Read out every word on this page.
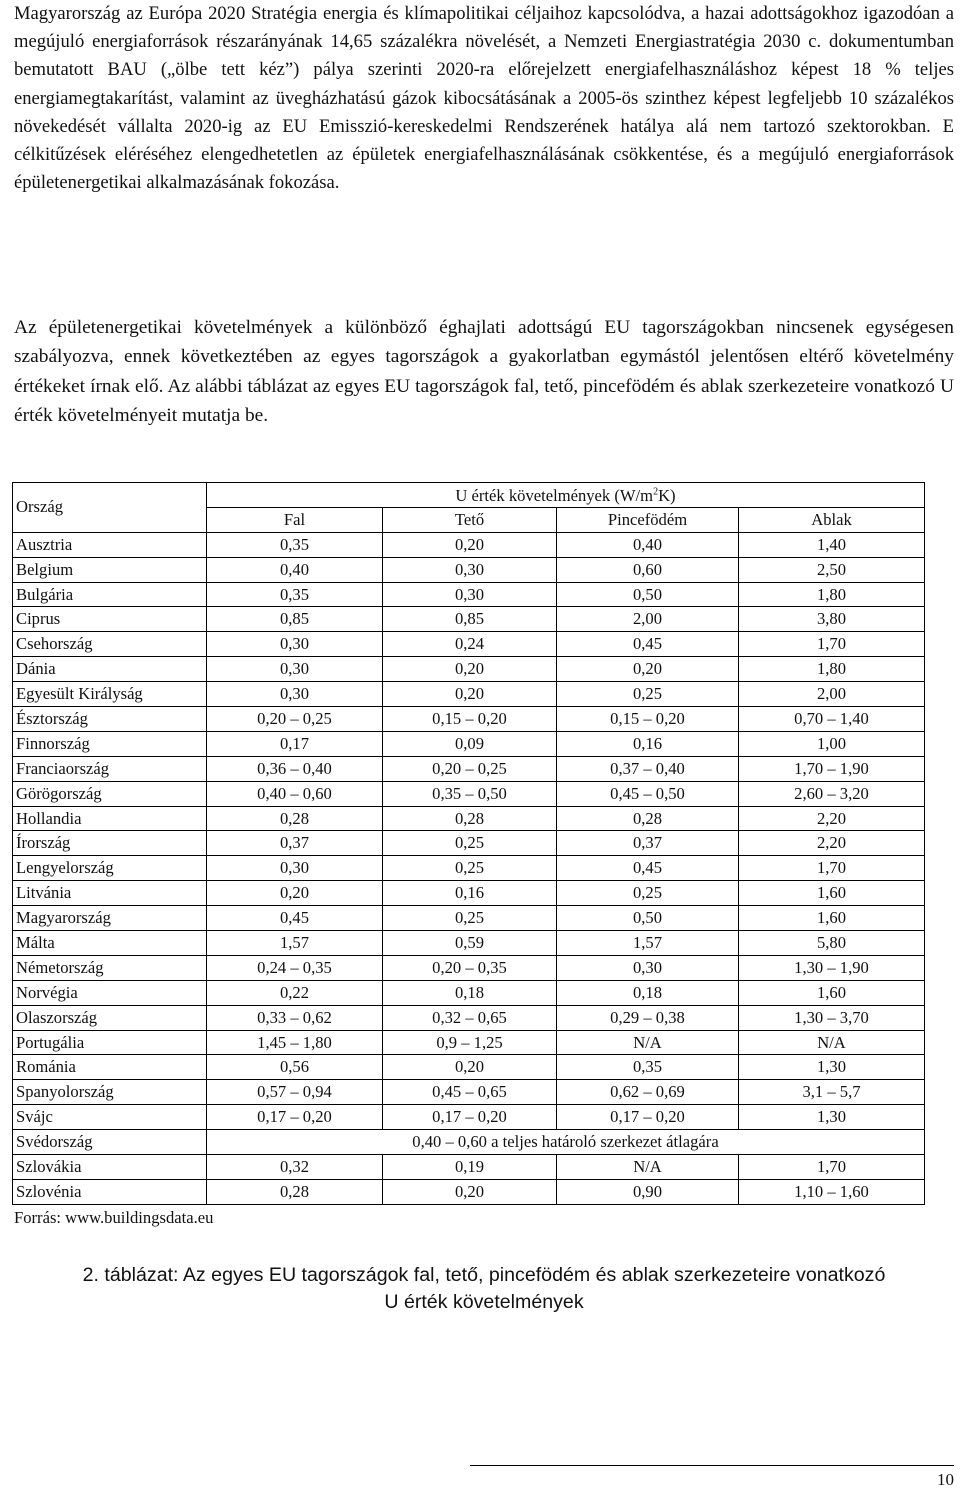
Magyarország az Európa 2020 Stratégia energia és klímapolitikai céljaihoz kapcsolódva, a hazai adottságokhoz igazodóan a megújuló energiaforrások részarányának 14,65 százalékra növelését, a Nemzeti Energiastratégia 2030 c. dokumentumban bemutatott BAU („ölbe tett kéz”) pálya szerinti 2020-ra előrejelzett energiafelhasználáshoz képest 18 % teljes energiamegtakarítást, valamint az üvegházhatású gázok kibocsátásának a 2005-ös szinthez képest legfeljebb 10 százalékos növekedését vállalta 2020-ig az EU Emisszió-kereskedelmi Rendszerének hatálya alá nem tartozó szektorokban. E célkitűzések eléréséhez elengedhetetlen az épületek energiafelhasználásának csökkentése, és a megújuló energiaforrások épületenergetikai alkalmazásának fokozása.

Az épületenergetikai követelmények a különböző éghajlati adottságú EU tagországokban nincsenek egységesen szabályozva, ennek következtében az egyes tagországok a gyakorlatban egymástól jelentősen eltérő követelmény értékeket írnak elő. Az alábbi táblázat az egyes EU tagországok fal, tető, pincefödém és ablak szerkezeteire vonatkozó U érték követelményeit mutatja be.

Ország	U érték követelmények $(W/m^2K)$			
	Fal	Tető	Pincefödém	Ablak
Ausztria	0,35	0,20	0,40	1,40
Belgium	0,40	0,30	0,60	2,50
Bulgária	0,35	0,30	0,50	1,80
Ciprus	0,85	0,85	2,00	3,80
Csehország	0,30	0,24	0,45	1,70
Dánia	0,30	0,20	0,20	1,80
Egyesült Királyság	0,30	0,20	0,25	2,00
Észtország	0,20 – 0,25	0,15 – 0,20	0,15 – 0,20	0,70 – 1,40
Finnország	0,17	0,09	0,16	1,00
Franciaország	0,36 – 0,40	0,20 – 0,25	0,37 – 0,40	1,70 – 1,90
Görögország	0,40 – 0,60	0,35 – 0,50	0,45 – 0,50	2,60 – 3,20
Hollandia	0,28	0,28	0,28	2,20
Írország	0,37	0,25	0,37	2,20
Lengyelország	0,30	0,25	0,45	1,70
Litvánia	0,20	0,16	0,25	1,60
Magyarország	0,45	0,25	0,50	1,60
Málta	1,57	0,59	1,57	5,80
Németország	0,24 – 0,35	0,20 – 0,35	0,30	1,30 – 1,90
Norvégia	0,22	0,18	0,18	1,60
Olaszország	0,33 – 0,62	0,32 – 0,65	0,29 – 0,38	1,30 – 3,70
Portugália	1,45 – 1,80	0,9 – 1,25	N/A	N/A
Románia	0,56	0,20	0,35	1,30
Spanyolország	0,57 – 0,94	0,45 – 0,65	0,62 – 0,69	3,1 – 5,7
Svájc	0,17 – 0,20	0,17 – 0,20	0,17 – 0,20	1,30
Svédország	0,40 – 0,60 a teljes határoló szerkezet átlagára			
Szlovákia	0,32	0,19	N/A	1,70
Szlovénia	0,28	0,20	0,90	1,10 – 1,60

Forrás: www.buildingsdata.eu

2. táblázat: Az egyes EU tagországok fal, tető, pincefödém és ablak szerkezeteire vonatkozó
U érték követelmények

10
